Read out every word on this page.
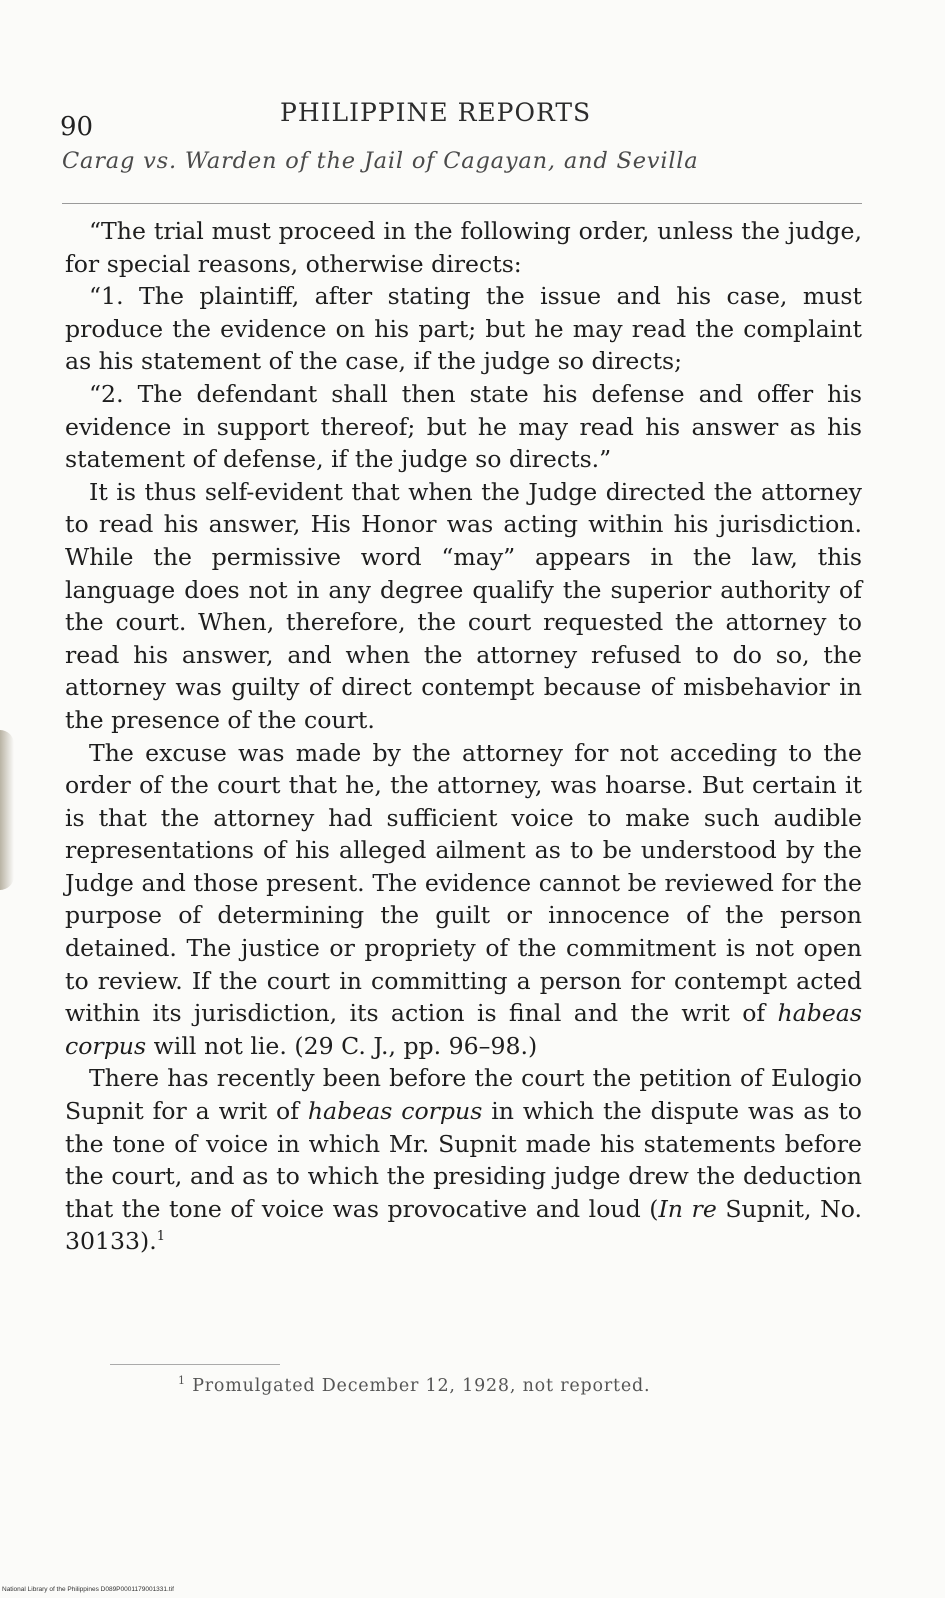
90	PHILIPPINE REPORTS
Carag vs. Warden of the Jail of Cagayan, and Sevilla

“The trial must proceed in the following order, unless the judge, for special reasons, otherwise directs:

“1. The plaintiff, after stating the issue and his case, must produce the evidence on his part; but he may read the complaint as his statement of the case, if the judge so directs;

“2. The defendant shall then state his defense and offer his evidence in support thereof; but he may read his answer as his statement of defense, if the judge so directs.”

It is thus self-evident that when the Judge directed the attorney to read his answer, His Honor was acting within his jurisdiction. While the permissive word “may” appears in the law, this language does not in any degree qualify the superior authority of the court. When, therefore, the court requested the attorney to read his answer, and when the attorney refused to do so, the attorney was guilty of direct contempt because of misbehavior in the presence of the court.

The excuse was made by the attorney for not acceding to the order of the court that he, the attorney, was hoarse. But certain it is that the attorney had sufficient voice to make such audible representations of his alleged ailment as to be understood by the Judge and those present. The evidence cannot be reviewed for the purpose of determining the guilt or innocence of the person detained. The justice or propriety of the commitment is not open to review. If the court in committing a person for contempt acted within its jurisdiction, its action is final and the writ of habeas corpus will not lie. (29 C. J., pp. 96–98.)

There has recently been before the court the petition of Eulogio Supnit for a writ of habeas corpus in which the dispute was as to the tone of voice in which Mr. Supnit made his statements before the court, and as to which the presiding judge drew the deduction that the tone of voice was provocative and loud (In re Supnit, No. 30133).$^1$

$^1$ Promulgated December 12, 1928, not reported.
National Library of the Philippines D089P0001179001331.tif
